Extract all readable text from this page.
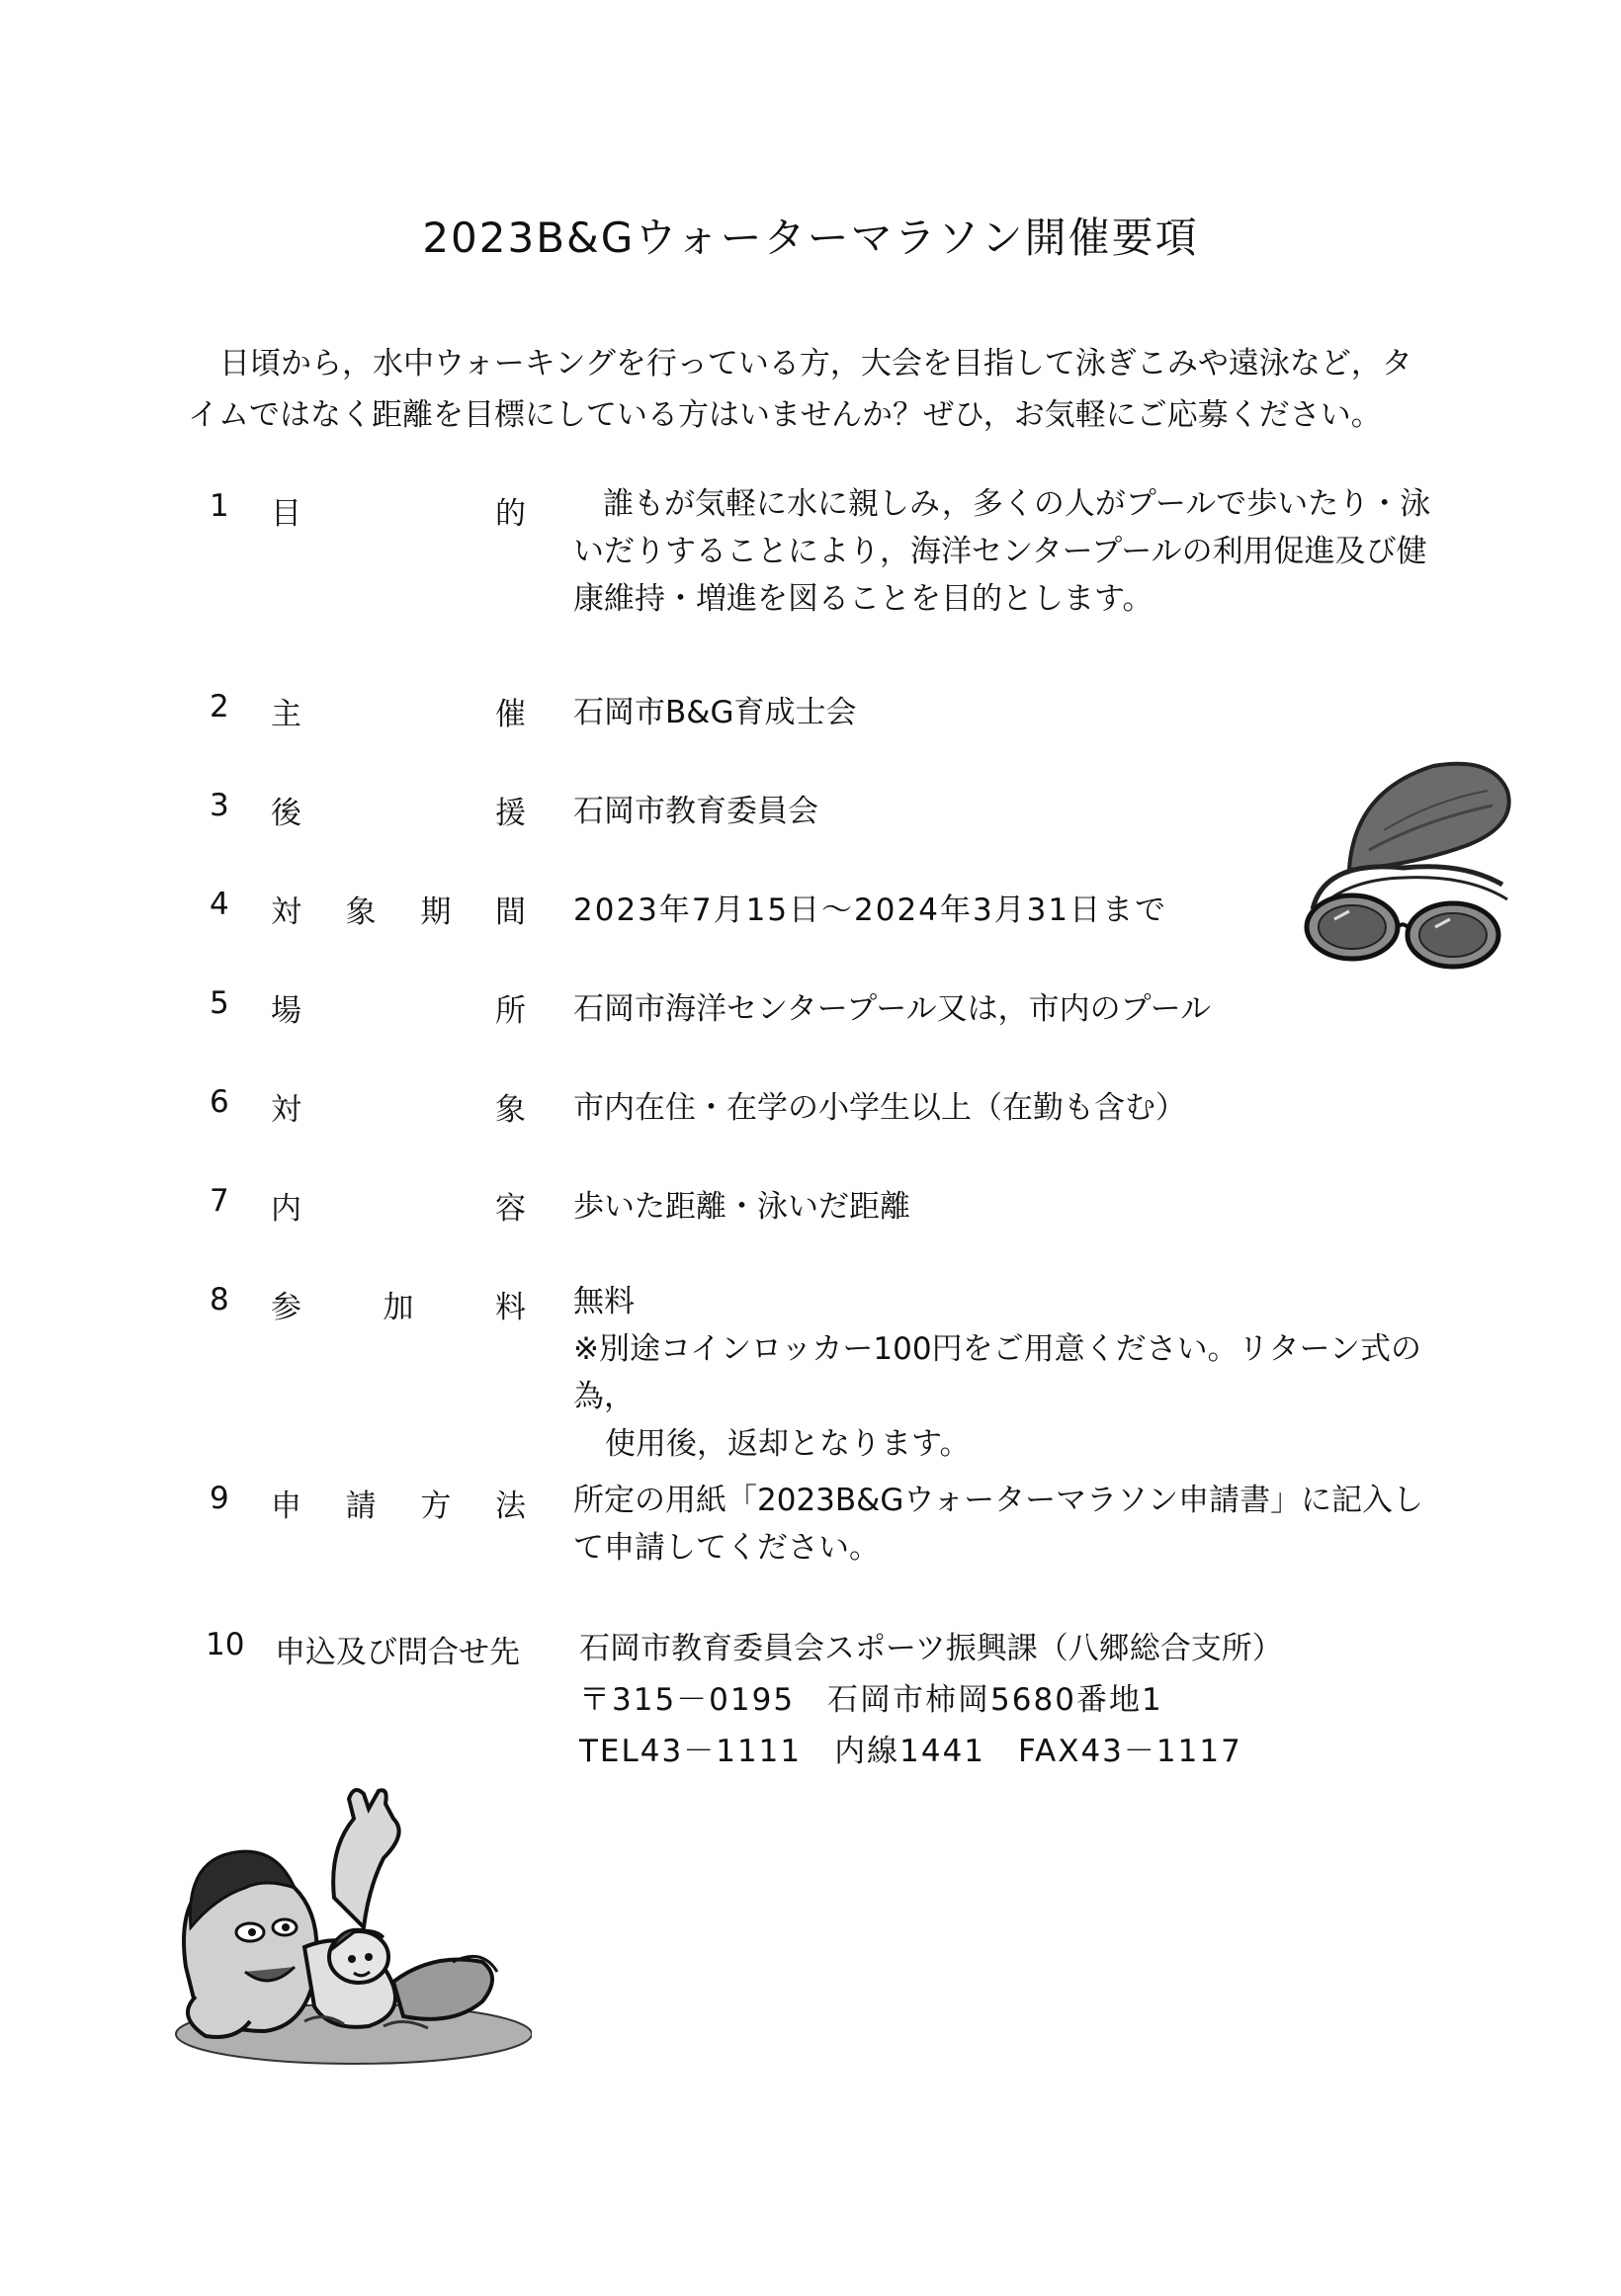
2023B&Gウォーターマラソン開催要項

日頃から，水中ウォーキングを行っている方，大会を目指して泳ぎこみや遠泳など，タイムではなく距離を目標にしている方はいませんか？ぜひ，お気軽にご応募ください。

1	目	的	誰もが気軽に水に親しみ，多くの人がプールで歩いたり・泳いだりすることにより，海洋センタープールの利用促進及び健康維持・増進を図ることを目的とします。

2	主	催 石岡市B&G育成士会

3	後	援 石岡市教育委員会

4	対 象 期 間 2023年7月15日～2024年3月31日まで

5	場	所 石岡市海洋センタープール又は，市内のプール

6	対	象 市内在住・在学の小学生以上（在勤も含む）

7	内	容 歩いた距離・泳いだ距離

8	参	加	料 無料

※別途コインロッカー100円をご用意ください。リターン式の為，

使用後，返却となります。

9	申 請 方 法 所定の用紙「2023B&Gウォーターマラソン申請書」に記入して申請してください。

10 申込及び問合せ先	石岡市教育委員会スポーツ振興課（八郷総合支所）

〒315－0195　石岡市柿岡5680番地1

TEL43－1111　内線1441　FAX43－1117
